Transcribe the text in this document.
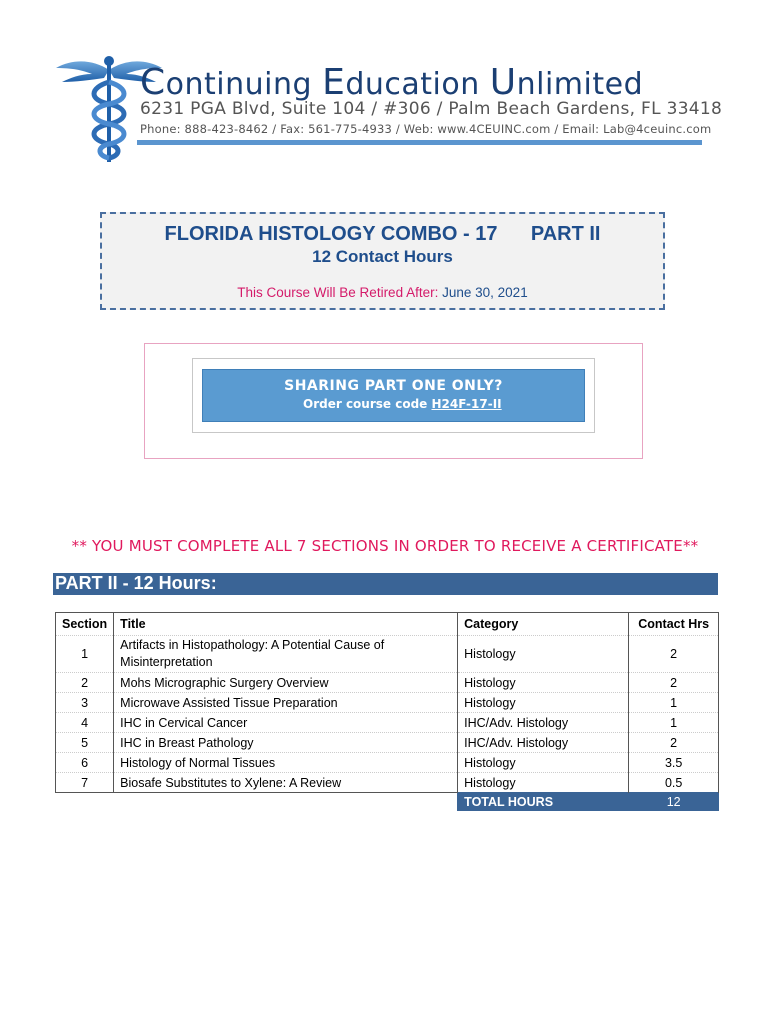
Continuing Education Unlimited
6231 PGA Blvd, Suite 104 / #306 / Palm Beach Gardens, FL 33418
Phone: 888-423-8462 / Fax: 561-775-4933 / Web: www.4CEUINC.com / Email: Lab@4ceuinc.com
FLORIDA HISTOLOGY COMBO - 17      PART II
12 Contact Hours
This Course Will Be Retired After: June 30, 2021
SHARING PART ONE ONLY?
Order course code H24F-17-II
** YOU MUST COMPLETE ALL 7 SECTIONS IN ORDER TO RECEIVE A CERTIFICATE**
PART II - 12 Hours:
Section	Title	Category	Contact Hrs
1	Artifacts in Histopathology: A Potential Cause of Misinterpretation	Histology	2
2	Mohs Micrographic Surgery Overview	Histology	2
3	Microwave Assisted Tissue Preparation	Histology	1
4	IHC in Cervical Cancer	IHC/Adv. Histology	1
5	IHC in Breast Pathology	IHC/Adv. Histology	2
6	Histology of Normal Tissues	Histology	3.5
7	Biosafe Substitutes to Xylene: A Review	Histology	0.5
		TOTAL HOURS	12
